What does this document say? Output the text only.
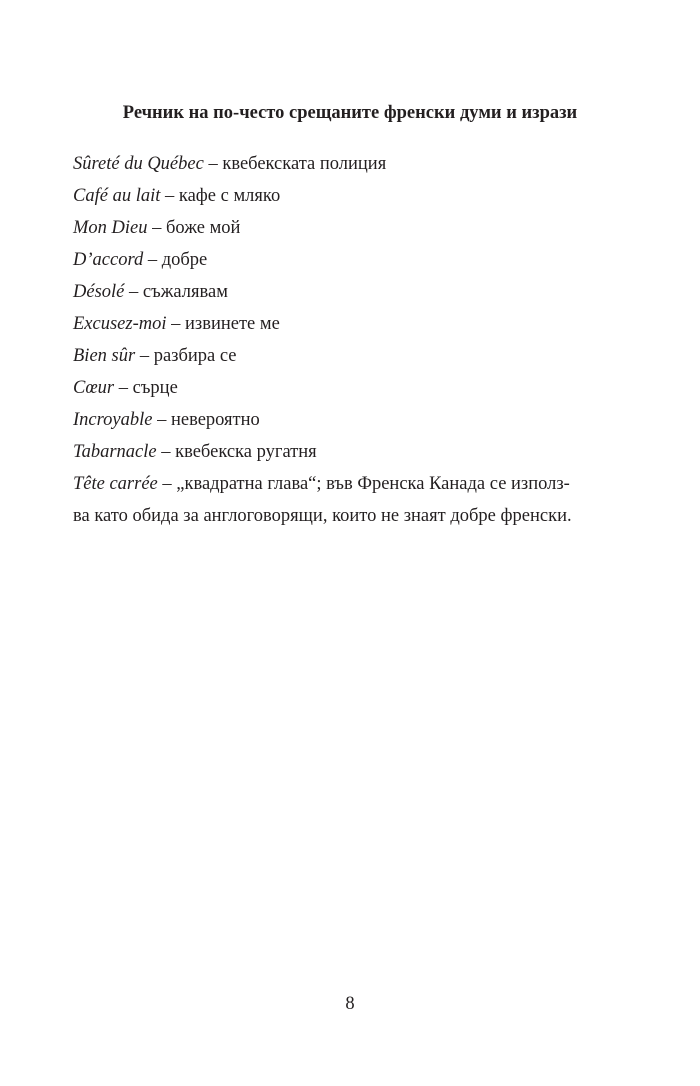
Речник на по-често срещаните френски думи и изрази
Sûreté du Québec – квебекската полиция
Café au lait – кафе с мляко
Mon Dieu – боже мой
D’accord – добре
Désolé – съжалявам
Excusez-moi – извинете ме
Bien sûr – разбира се
Cœur – сърце
Incroyable – невероятно
Tabarnacle – квебекска ругатня
Tête carrée – „квадратна глава“; във Френска Канада се използ-
ва като обида за англоговорящи, които не знаят добре френски.
8
